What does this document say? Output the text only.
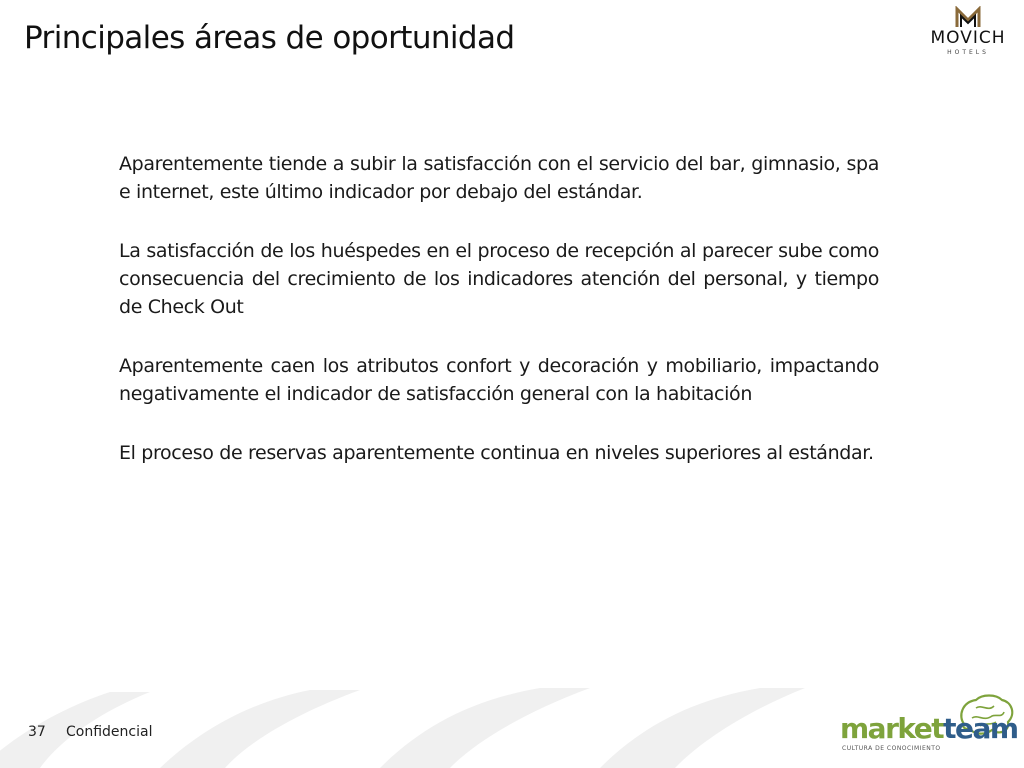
Principales áreas de oportunidad	MOVICH
HOTELS

Aparentemente tiende a subir la satisfacción con el servicio del bar, gimnasio, spa e internet, este último indicador por debajo del estándar.

La satisfacción de los huéspedes en el proceso de recepción al parecer sube como consecuencia del crecimiento de los indicadores atención del personal, y tiempo de Check Out

Aparentemente caen los atributos confort y decoración y mobiliario, impactando negativamente el indicador de satisfacción general con la habitación

El proceso de reservas aparentemente continua en niveles superiores al estándar.

37 Confidencial	marketteam
CULTURA DE CONOCIMIENTO
